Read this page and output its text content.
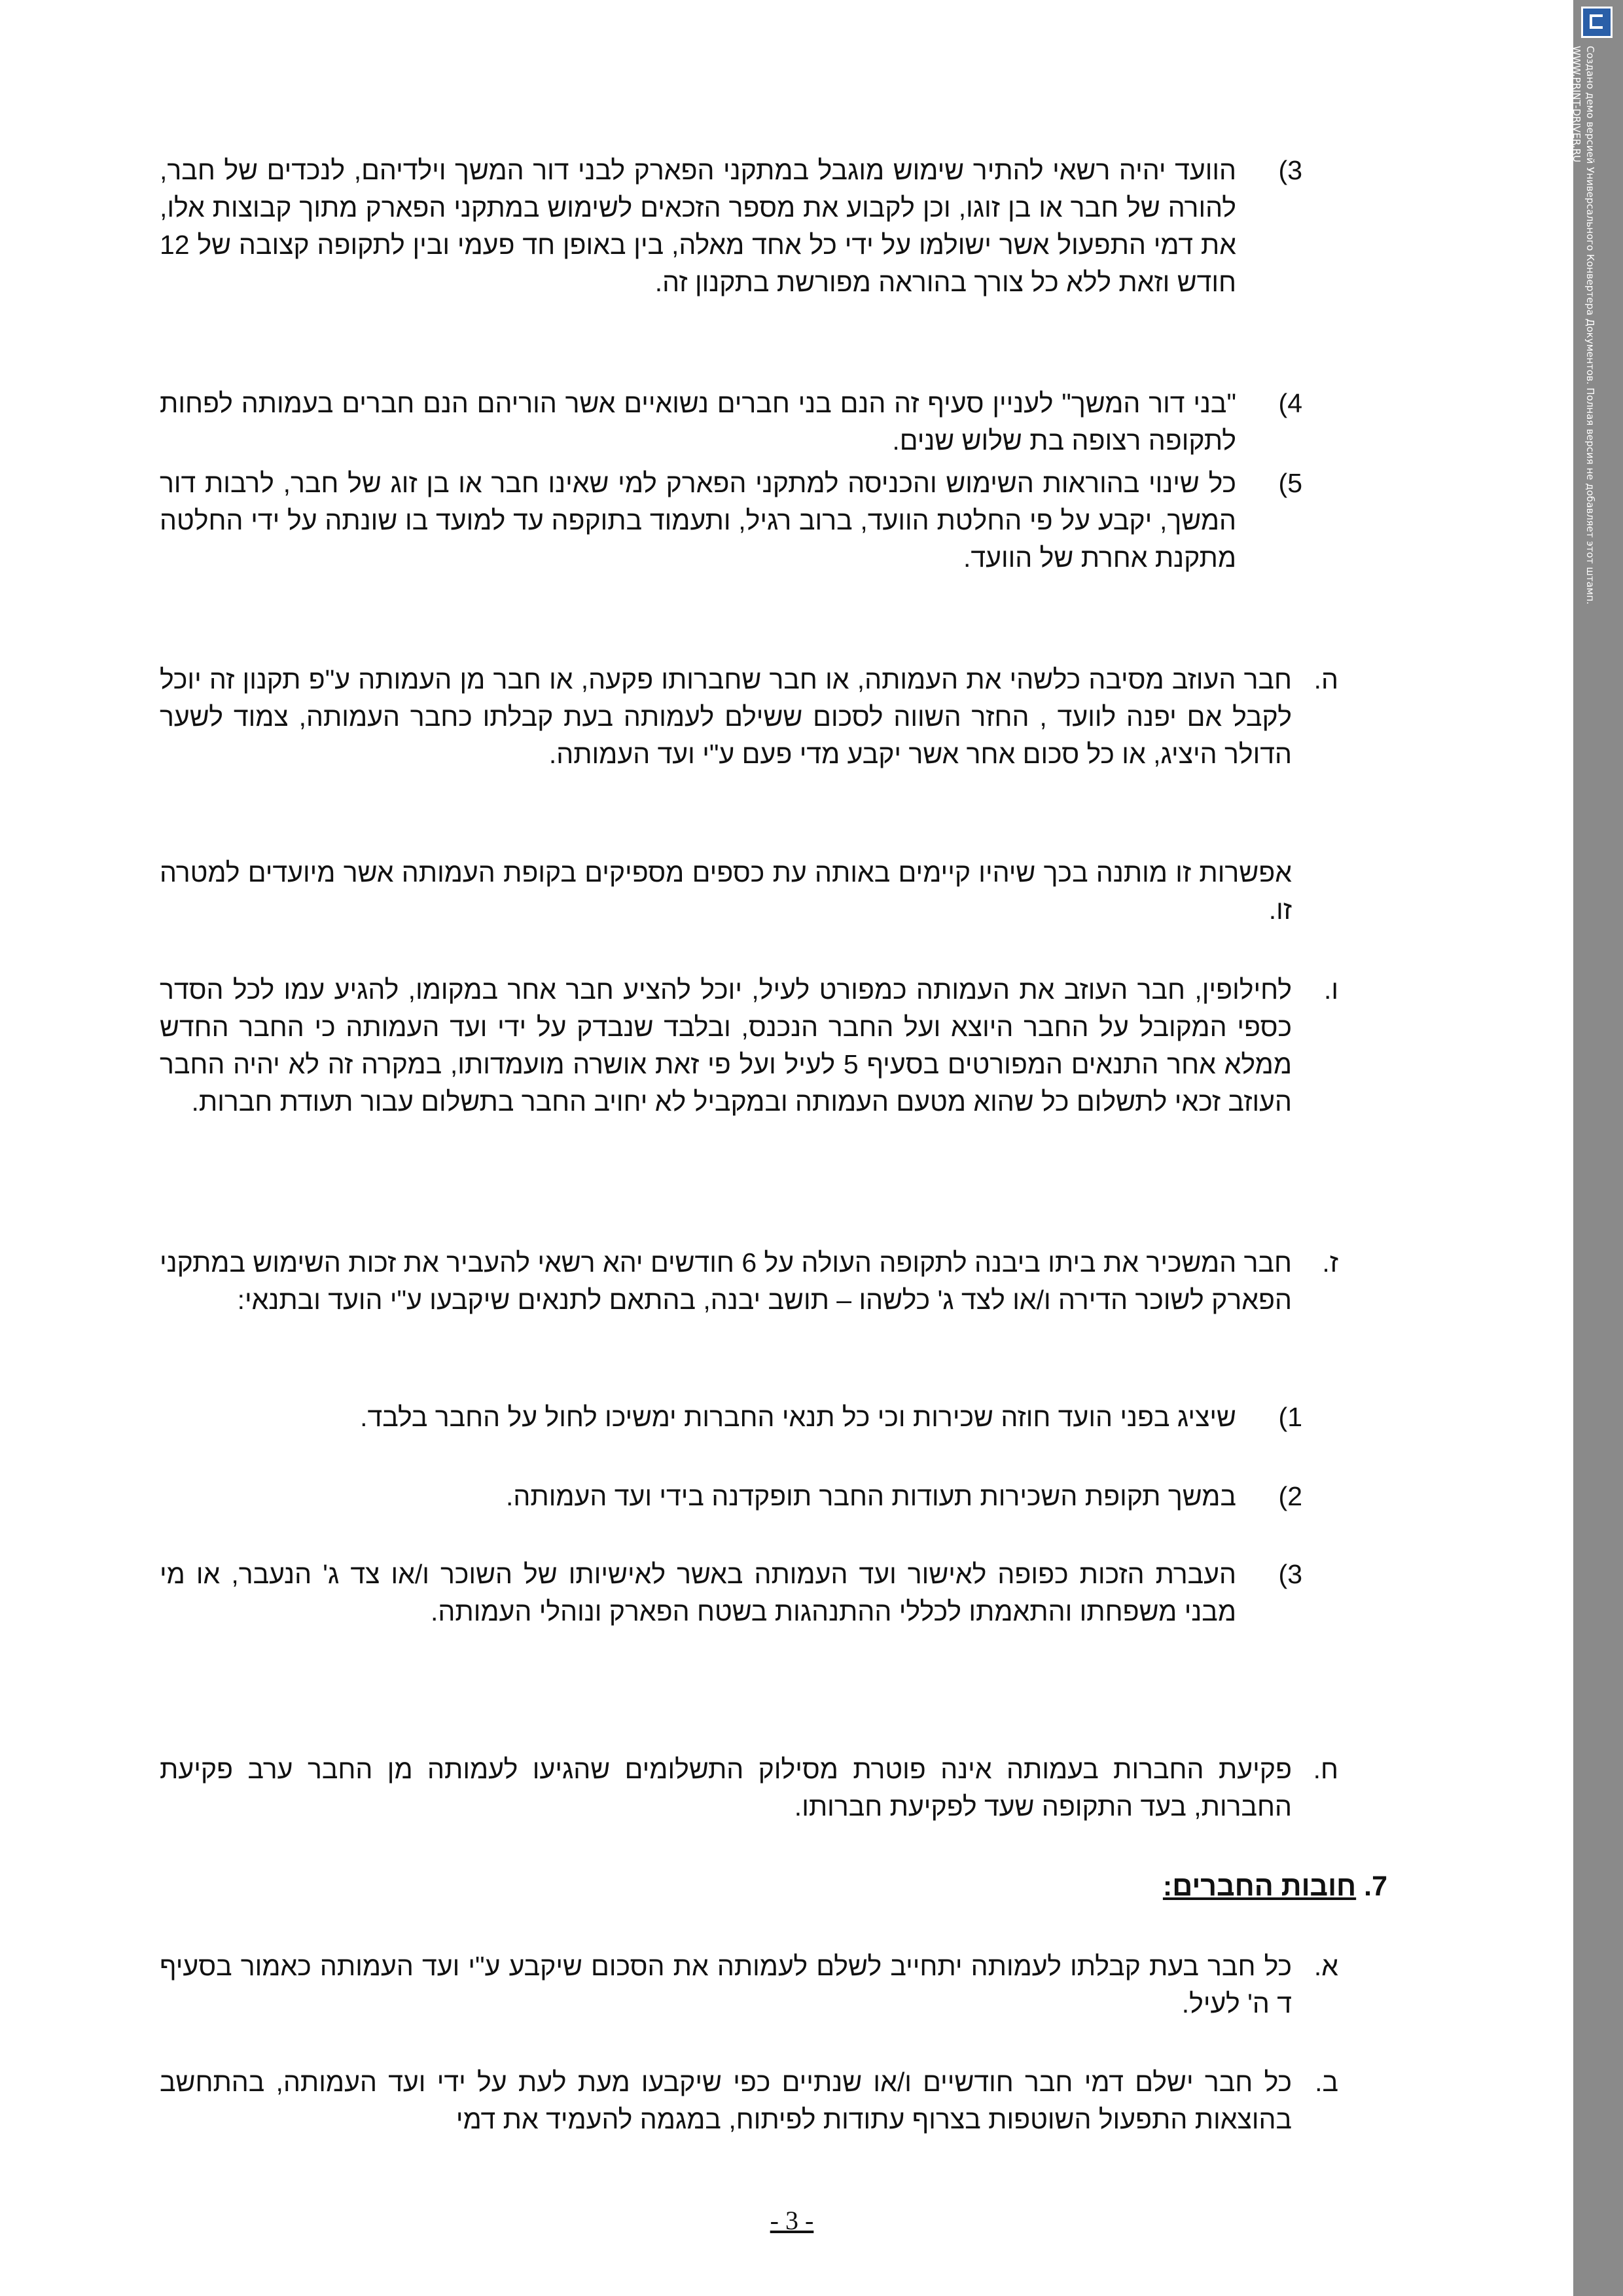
Создано демо версией Универсального Конвертера Документов. Полная версия не добавляет этот штамп.
WWW.PRINT-DRIVER.RU
3)
הוועד יהיה רשאי להתיר שימוש מוגבל במתקני הפארק לבני דור המשך וילדיהם, לנכדים של חבר, להורה של חבר או בן זוגו, וכן לקבוע את מספר הזכאים לשימוש במתקני הפארק מתוך קבוצות אלו, את דמי התפעול אשר ישולמו על ידי כל אחד מאלה, בין באופן חד פעמי ובין לתקופה קצובה של 12 חודש וזאת ללא כל צורך בהוראה מפורשת בתקנון זה.
4)
"בני דור המשך" לעניין סעיף זה הנם בני חברים נשואיים אשר הוריהם הנם חברים בעמותה לפחות לתקופה רצופה בת שלוש שנים.
5)
כל שינוי בהוראות השימוש והכניסה למתקני הפארק למי שאינו חבר או בן זוג של חבר, לרבות דור המשך, יקבע על פי החלטת הוועד, ברוב רגיל, ותעמוד בתוקפה עד למועד בו שונתה על ידי החלטה מתקנת אחרת של הוועד.
ה.
חבר העוזב מסיבה כלשהי את העמותה, או חבר שחברותו פקעה, או חבר מן העמותה ע"פ תקנון זה יוכל לקבל אם יפנה לוועד , החזר השווה לסכום ששילם לעמותה בעת קבלתו כחבר העמותה, צמוד לשער הדולר היציג, או כל סכום אחר אשר יקבע מדי פעם ע"י ועד העמותה.
אפשרות זו מותנה בכך שיהיו קיימים באותה עת כספים מספיקים בקופת העמותה אשר מיועדים למטרה זו.
ו.
לחילופין, חבר העוזב את העמותה כמפורט לעיל, יוכל להציע חבר אחר במקומו, להגיע עמו לכל הסדר כספי המקובל על החבר היוצא ועל החבר הנכנס, ובלבד שנבדק על ידי ועד העמותה כי החבר החדש ממלא אחר התנאים המפורטים בסעיף 5 לעיל ועל פי זאת אושרה מועמדותו, במקרה זה לא יהיה החבר העוזב זכאי לתשלום כל שהוא מטעם העמותה ובמקביל לא יחויב החבר בתשלום עבור תעודת חברות.
ז.
חבר המשכיר את ביתו ביבנה לתקופה העולה על 6 חודשים יהא רשאי להעביר את זכות השימוש במתקני הפארק לשוכר הדירה ו/או לצד ג' כלשהו – תושב יבנה, בהתאם לתנאים שיקבעו ע"י הועד ובתנאי:
1)
שיציג בפני הועד חוזה שכירות וכי כל תנאי החברות ימשיכו לחול על החבר בלבד.
2)
במשך תקופת השכירות תעודות החבר תופקדנה בידי ועד העמותה.
3)
העברת הזכות כפופה לאישור ועד העמותה באשר לאישיותו של השוכר ו/או צד ג' הנעבר, או מי מבני משפחתו והתאמתו לכללי ההתנהגות בשטח הפארק ונוהלי העמותה.
ח.
פקיעת החברות בעמותה אינה פוטרת מסילוק התשלומים שהגיעו לעמותה מן החבר ערב פקיעת החברות, בעד התקופה שעד לפקיעת חברותו.
7. חובות החברים:
א.
כל חבר בעת קבלתו לעמותה יתחייב לשלם לעמותה את הסכום שיקבע ע"י ועד העמותה כאמור בסעיף ד ה' לעיל.
ב.
כל חבר ישלם דמי חבר חודשיים ו/או שנתיים כפי שיקבעו מעת לעת על ידי ועד העמותה, בהתחשב בהוצאות התפעול השוטפות בצרוף עתודות לפיתוח, במגמה להעמיד את דמי
- 3 -
